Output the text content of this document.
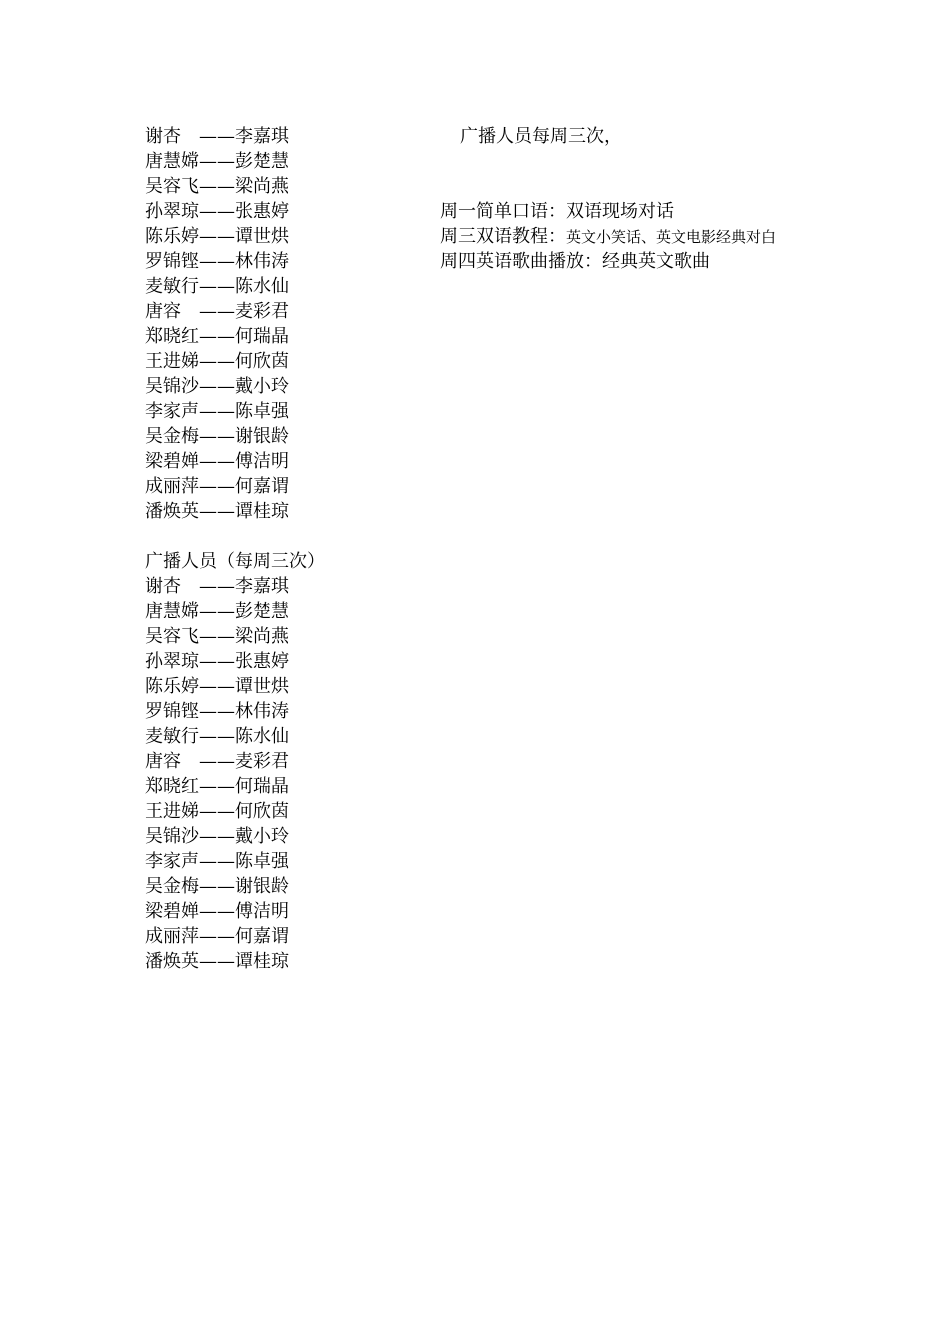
谢杏 ——李嘉琪
唐慧嫦——彭楚慧
吴容飞——梁尚燕
孙翠琼——张惠婷
陈乐婷——谭世烘
罗锦铿——林伟涛
麦敏行——陈水仙
唐容 ——麦彩君
郑晓红——何瑞晶
王进娣——何欣茵
吴锦沙——戴小玲
李家声——陈卓强
吴金梅——谢银龄
梁碧婵——傅洁明
成丽萍——何嘉谓
潘焕英——谭桂琼
广播人员（每周三次）
谢杏 ——李嘉琪
唐慧嫦——彭楚慧
吴容飞——梁尚燕
孙翠琼——张惠婷
陈乐婷——谭世烘
罗锦铿——林伟涛
麦敏行——陈水仙
唐容 ——麦彩君
郑晓红——何瑞晶
王进娣——何欣茵
吴锦沙——戴小玲
李家声——陈卓强
吴金梅——谢银龄
梁碧婵——傅洁明
成丽萍——何嘉谓
潘焕英——谭桂琼
广播人员每周三次，
周一简单口语：双语现场对话
周三双语教程：英文小笑话、英文电影经典对白
周四英语歌曲播放：经典英文歌曲
